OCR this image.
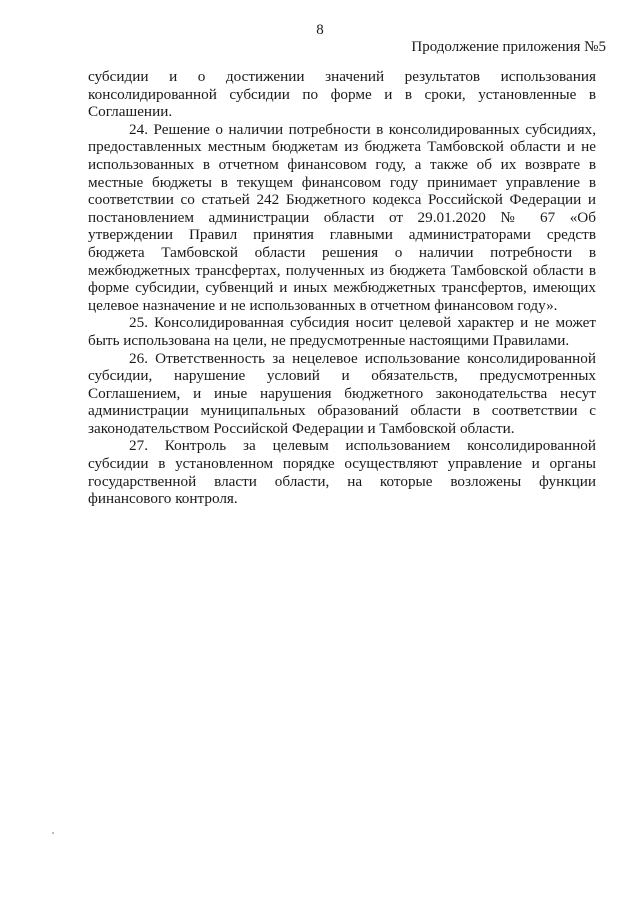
8
Продолжение приложения №5

субсидии и о достижении значений результатов использования
консолидированной субсидии по форме и в сроки, установленные в
Соглашении.

24. Решение о наличии потребности в консолидированных субсидиях,
предоставленных местным бюджетам из бюджета Тамбовской области и не
использованных в отчетном финансовом году, а также об их возврате в
местные бюджеты в текущем финансовом году принимает управление в
соответствии со статьей 242 Бюджетного кодекса Российской Федерации и
постановлением администрации области от 29.01.2020 № 67 «Об
утверждении Правил принятия главными администраторами средств
бюджета Тамбовской области решения о наличии потребности в
межбюджетных трансфертах, полученных из бюджета Тамбовской области в
форме субсидии, субвенций и иных межбюджетных трансфертов, имеющих
целевое назначение и не использованных в отчетном финансовом году».

25. Консолидированная субсидия носит целевой характер и не может
быть использована на цели, не предусмотренные настоящими Правилами.

26. Ответственность за нецелевое использование консолидированной
субсидии, нарушение условий и обязательств, предусмотренных
Соглашением, и иные нарушения бюджетного законодательства несут
администрации муниципальных образований области в соответствии с
законодательством Российской Федерации и Тамбовской области.

27. Контроль за целевым использованием консолидированной
субсидии в установленном порядке осуществляют управление и органы
государственной власти области, на которые возложены функции
финансового контроля.
